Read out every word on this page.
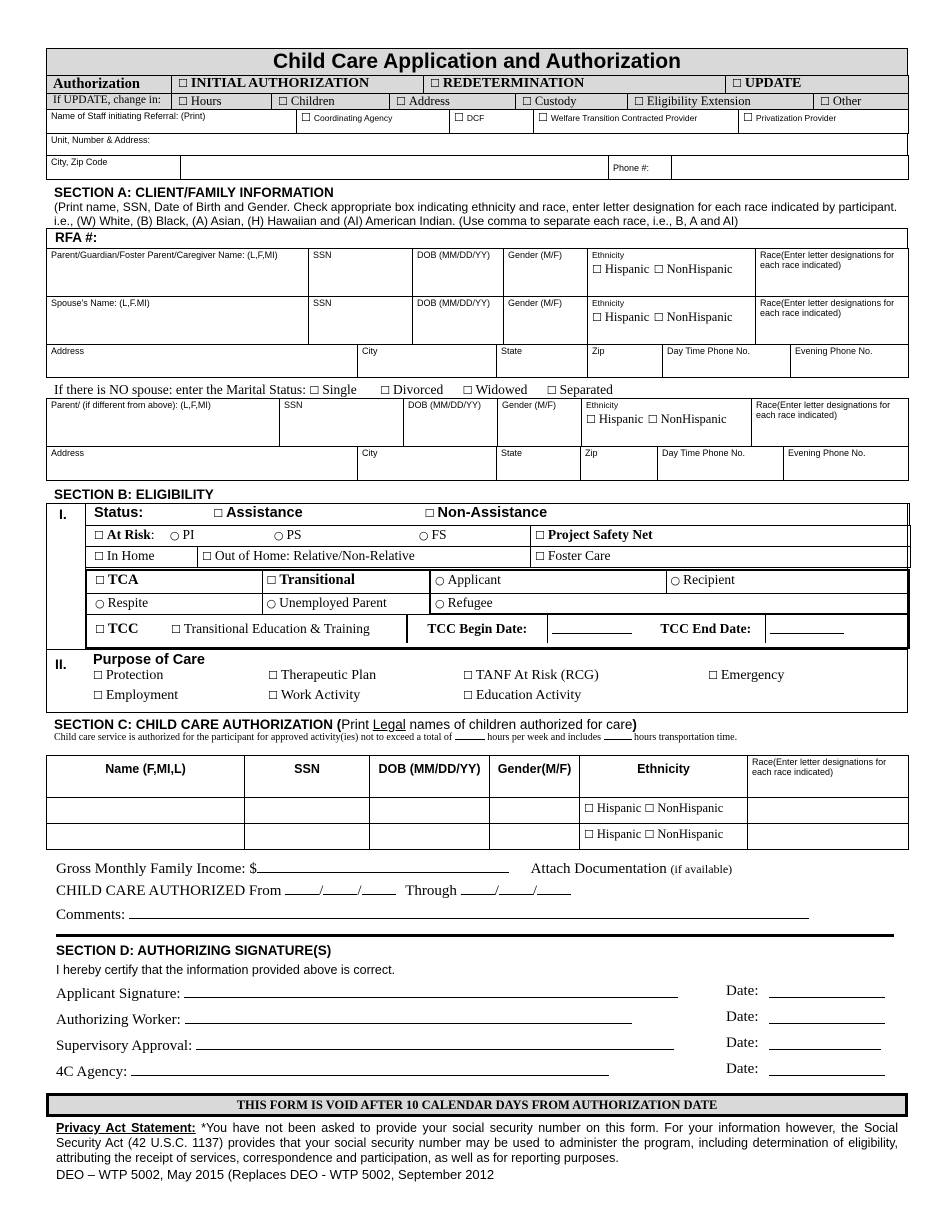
Child Care Application and Authorization
Authorization	☐INITIAL AUTHORIZATION	☐REDETERMINATION	☐UPDATE
If UPDATE, change in:	☐Hours	☐Children	☐Address	☐Custody	☐Eligibility Extension	☐Other
Name of Staff initiating Referral: (Print)	☐Coordinating Agency	☐DCF	☐Welfare Transition Contracted Provider	☐Privatization Provider
Unit, Number & Address:
City, Zip Code		Phone #:	
SECTION A: CLIENT/FAMILY INFORMATION
(Print name, SSN, Date of Birth and Gender. Check appropriate box indicating ethnicity and race, enter letter designation for each race indicated by participant. i.e., (W) White, (B) Black, (A) Asian, (H) Hawaiian and (AI) American Indian. (Use comma to separate each race, i.e., B, A and AI)
RFA #:
Parent/Guardian/Foster Parent/Caregiver Name: (L,F,MI)	SSN	DOB (MM/DD/YY)	Gender (M/F)	Ethnicity
☐ Hispanic ☐ NonHispanic	Race(Enter letter designations for each race indicated)
Spouse's Name: (L,F.MI)	SSN	DOB (MM/DD/YY)	Gender (M/F)	Ethnicity
☐ Hispanic ☐ NonHispanic	Race(Enter letter designations for each race indicated)
Address	City	State	Zip	Day Time Phone No.	Evening Phone No.
If there is NO spouse: enter the Marital Status: ☐ Single	☐ Divorced ☐ Widowed ☐ Separated
Parent/ (if different from above): (L,F,MI)	SSN	DOB (MM/DD/YY)	Gender (M/F)	Ethnicity
☐ Hispanic ☐ NonHispanic	Race(Enter letter designations for each race indicated)
Address	City	State	Zip	Day Time Phone No.	Evening Phone No.
SECTION B: ELIGIBILITY
I.
II.
Status:	☐ Assistance	☐ Non-Assistance
☐ At Risk: ○ PI	○ PS	○ FS	☐Project Safety Net
☐ In Home	☐Out of Home: Relative/Non-Relative	☐Foster Care
☐ TCA	☐Transitional	○Applicant	○Recipient
○ Respite	○Unemployed Parent	○Refugee	
☐ TCC	☐Transitional Education & Training	TCC Begin Date:		TCC End Date:	
Purpose of Care
☐ Protection	☐ Therapeutic Plan	☐ TANF At Risk (RCG)	☐ Emergency
☐ Employment	☐ Work Activity	☐ Education Activity
SECTION C: CHILD CARE AUTHORIZATION (Print Legal names of children authorized for care)
Child care service is authorized for the participant for approved activity(ies) not to exceed a total of	hours per week and includes	hours transportation time.
Name (F,MI,L)	SSN	DOB (MM/DD/YY)	Gender(M/F)	Ethnicity	Race(Enter letter designations for each race indicated)
				☐ Hispanic ☐ NonHispanic	
				☐ Hispanic ☐ NonHispanic	
Gross Monthly Family Income: $	Attach Documentation (if available)
CHILD CARE AUTHORIZED From	/ /	Through	/ /
Comments:
SECTION D: AUTHORIZING SIGNATURE(S)
I hereby certify that the information provided above is correct.
Applicant Signature:	Date:
Authorizing Worker:	Date:
Supervisory Approval:	Date:
4C Agency:	Date:
THIS FORM IS VOID AFTER 10 CALENDAR DAYS FROM AUTHORIZATION DATE
Privacy Act Statement: *You have not been asked to provide your social security number on this form. For your information however, the Social Security Act (42 U.S.C. 1137) provides that your social security number may be used to administer the program, including determination of eligibility, attributing the receipt of services, correspondence and participation, as well as for reporting purposes.
DEO – WTP 5002, May 2015 (Replaces DEO - WTP 5002, September 2012
